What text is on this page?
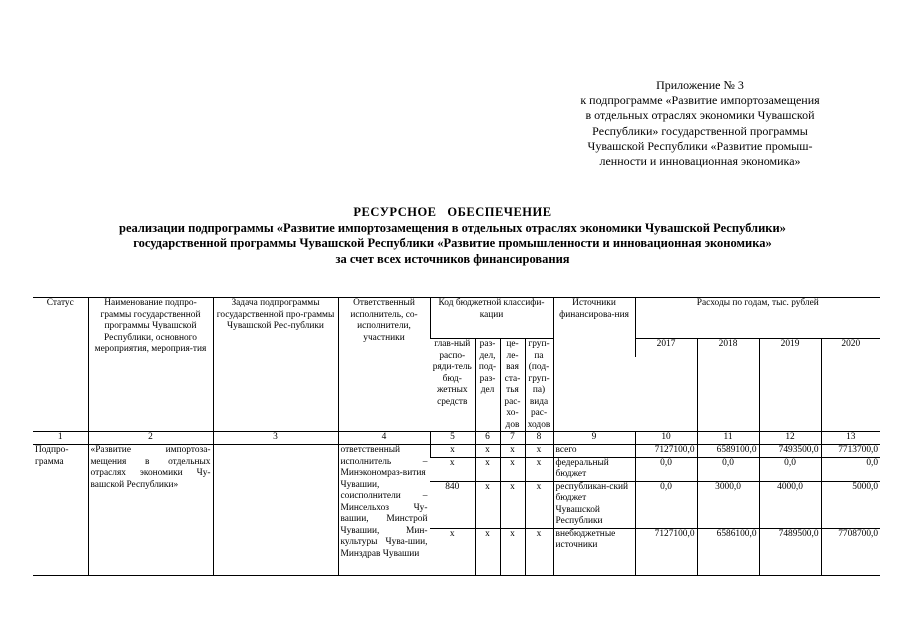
Приложение № 3
к подпрограмме «Развитие импортозамещения
в отдельных отраслях экономики Чувашской
Республики» государственной программы
Чувашской Республики «Развитие промыш-
ленности и инновационная экономика»
РЕСУРСНОЕ   ОБЕСПЕЧЕНИЕ
реализации подпрограммы «Развитие импортозамещения в отдельных отраслях экономики Чувашской Республики»
государственной программы Чувашской Республики «Развитие промышленности и инновационная экономика»
за счет всех источников финансирования
Статус	Наименование подпро-граммы государственной программы Чувашской Республики, основного мероприятия, мероприя-тия	Задача подпрограммы государственной про-граммы Чувашской Рес-публики	Ответственный исполнитель, со-исполнители, участники	Код бюджетной классифи-кации				Источники финансирова-ния	Расходы по годам, тыс. рублей			
				глав-ный распо-ряди-тель бюд-жетных средств	раз-дел, под-раз-дел	це-ле-вая ста-тья рас-хо-дов	груп-па (под-груп-па) вида рас-ходов		2017	2018	2019	2020

1	2	3	4	5	6	7	8	9	10	11	12	13
Подпро-грамма	«Развитие импортоза-мещения в отдельных отраслях экономики Чу-вашской Республики»		ответственный исполнитель – Минэкономраз-вития Чувашии, соисполнители – Минсельхоз Чу-вашии, Минстрой Чувашии, Мин-культуры Чува-шии, Минздрав Чувашии	x	x	x	x	всего	7127100,0	6589100,0	7493500,0	7713700,0
				x	x	x	x	федеральный бюджет	0,0	0,0	0,0	0,0
				840	x	x	x	республикан-ский бюджет Чувашской Республики	0,0	3000,0	4000,0	5000,0
				x	x	x	x	внебюджетные источники	7127100,0	6586100,0	7489500,0	7708700,0
